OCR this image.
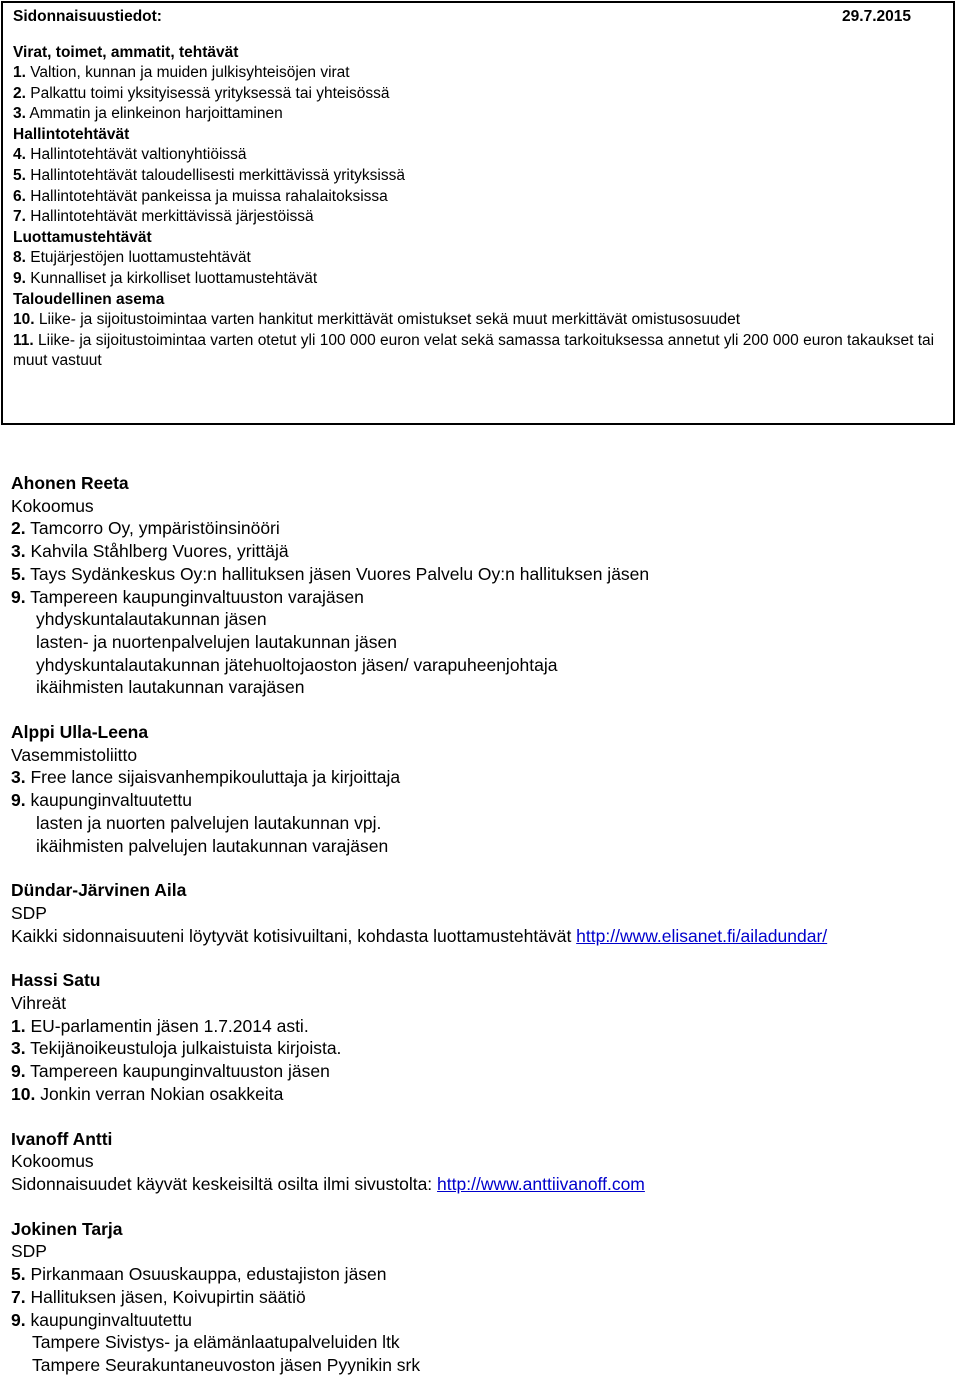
Sidonnaisuustiedot:	29.7.2015
Virat, toimet, ammatit, tehtävät
1. Valtion, kunnan ja muiden julkisyhteisöjen virat
2. Palkattu toimi yksityisessä yrityksessä tai yhteisössä
3. Ammatin ja elinkeinon harjoittaminen
Hallintotehtävät
4. Hallintotehtävät valtionyhtiöissä
5. Hallintotehtävät taloudellisesti merkittävissä yrityksissä
6. Hallintotehtävät pankeissa ja muissa rahalaitoksissa
7. Hallintotehtävät merkittävissä järjestöissä
Luottamustehtävät
8. Etujärjestöjen luottamustehtävät
9. Kunnalliset ja kirkolliset luottamustehtävät
Taloudellinen asema
10. Liike- ja sijoitustoimintaa varten hankitut merkittävät omistukset sekä muut merkittävät omistusosuudet
11. Liike- ja sijoitustoimintaa varten otetut yli 100 000 euron velat sekä samassa tarkoituksessa annetut yli 200 000 euron takaukset tai muut vastuut
Ahonen Reeta
Kokoomus
2. Tamcorro Oy, ympäristöinsinööri
3. Kahvila Ståhlberg Vuores, yrittäjä
5. Tays Sydänkeskus Oy:n hallituksen jäsen Vuores Palvelu Oy:n hallituksen jäsen
9. Tampereen kaupunginvaltuuston varajäsen
yhdyskuntalautakunnan jäsen
lasten- ja nuortenpalvelujen lautakunnan jäsen
yhdyskuntalautakunnan jätehuoltojaoston jäsen/ varapuheenjohtaja
ikäihmisten lautakunnan varajäsen
Alppi Ulla-Leena
Vasemmistoliitto
3. Free lance sijaisvanhempikouluttaja ja kirjoittaja
9. kaupunginvaltuutettu
lasten ja nuorten palvelujen lautakunnan vpj.
ikäihmisten palvelujen lautakunnan varajäsen
Dündar-Järvinen Aila
SDP
Kaikki sidonnaisuuteni löytyvät kotisivuiltani, kohdasta luottamustehtävät http://www.elisanet.fi/ailadundar/
Hassi Satu
Vihreät
1. EU-parlamentin jäsen 1.7.2014 asti.
3. Tekijänoikeustuloja julkaistuista kirjoista.
9. Tampereen kaupunginvaltuuston jäsen
10. Jonkin verran Nokian osakkeita
Ivanoff Antti
Kokoomus
Sidonnaisuudet käyvät keskeisiltä osilta ilmi sivustolta: http://www.anttiivanoff.com
Jokinen Tarja
SDP
5. Pirkanmaan Osuuskauppa, edustajiston jäsen
7. Hallituksen jäsen, Koivupirtin säätiö
9. kaupunginvaltuutettu
Tampere Sivistys- ja elämänlaatupalveluiden ltk
Tampere Seurakuntaneuvoston jäsen Pyynikin srk
